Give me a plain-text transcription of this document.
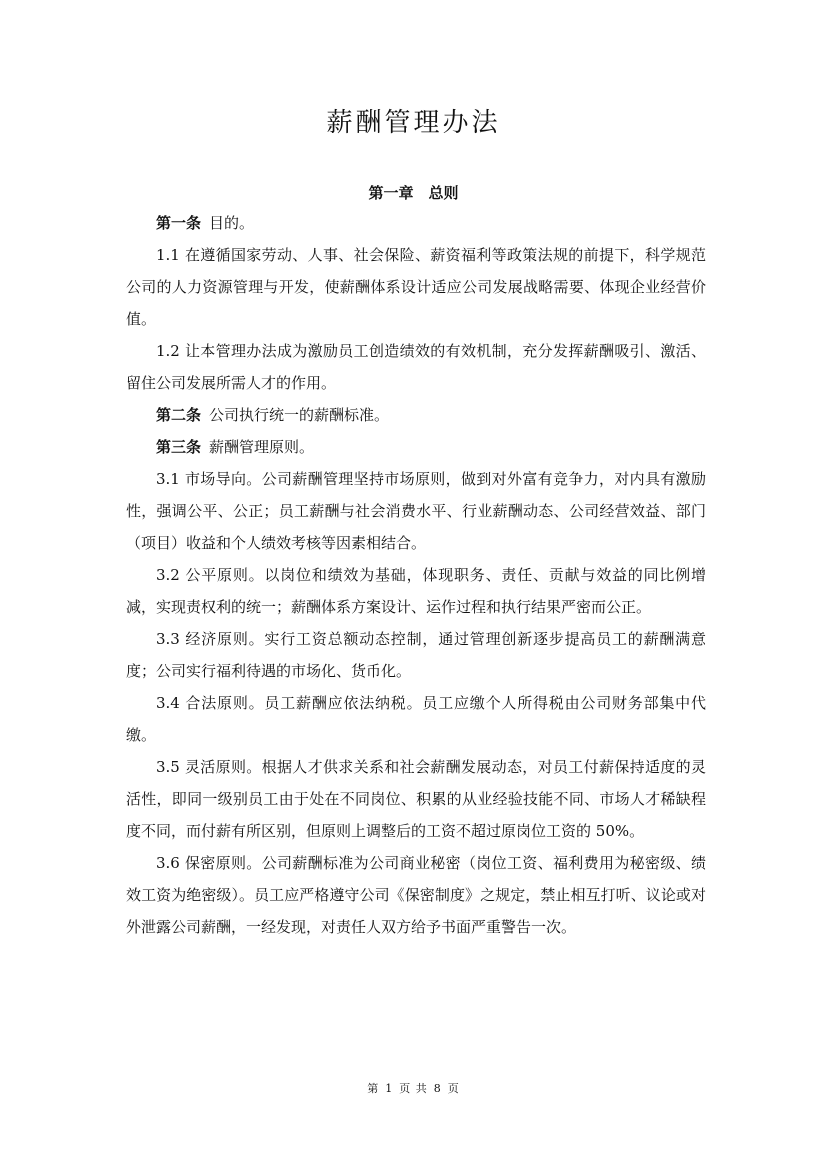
薪酬管理办法
第一章　总则

第一条 目的。

1.1 在遵循国家劳动、人事、社会保险、薪资福利等政策法规的前提下，科学规范公司的人力资源管理与开发，使薪酬体系设计适应公司发展战略需要、体现企业经营价值。

1.2 让本管理办法成为激励员工创造绩效的有效机制，充分发挥薪酬吸引、激活、留住公司发展所需人才的作用。

第二条 公司执行统一的薪酬标准。

第三条 薪酬管理原则。

3.1 市场导向。公司薪酬管理坚持市场原则，做到对外富有竞争力，对内具有激励性，强调公平、公正；员工薪酬与社会消费水平、行业薪酬动态、公司经营效益、部门（项目）收益和个人绩效考核等因素相结合。

3.2 公平原则。以岗位和绩效为基础，体现职务、责任、贡献与效益的同比例增减，实现责权利的统一；薪酬体系方案设计、运作过程和执行结果严密而公正。

3.3 经济原则。实行工资总额动态控制，通过管理创新逐步提高员工的薪酬满意度；公司实行福利待遇的市场化、货币化。

3.4 合法原则。员工薪酬应依法纳税。员工应缴个人所得税由公司财务部集中代缴。

3.5 灵活原则。根据人才供求关系和社会薪酬发展动态，对员工付薪保持适度的灵活性，即同一级别员工由于处在不同岗位、积累的从业经验技能不同、市场人才稀缺程度不同，而付薪有所区别，但原则上调整后的工资不超过原岗位工资的 50%。

3.6 保密原则。公司薪酬标准为公司商业秘密（岗位工资、福利费用为秘密级、绩效工资为绝密级）。员工应严格遵守公司《保密制度》之规定，禁止相互打听、议论或对外泄露公司薪酬，一经发现，对责任人双方给予书面严重警告一次。

第 1 页 共 8 页
